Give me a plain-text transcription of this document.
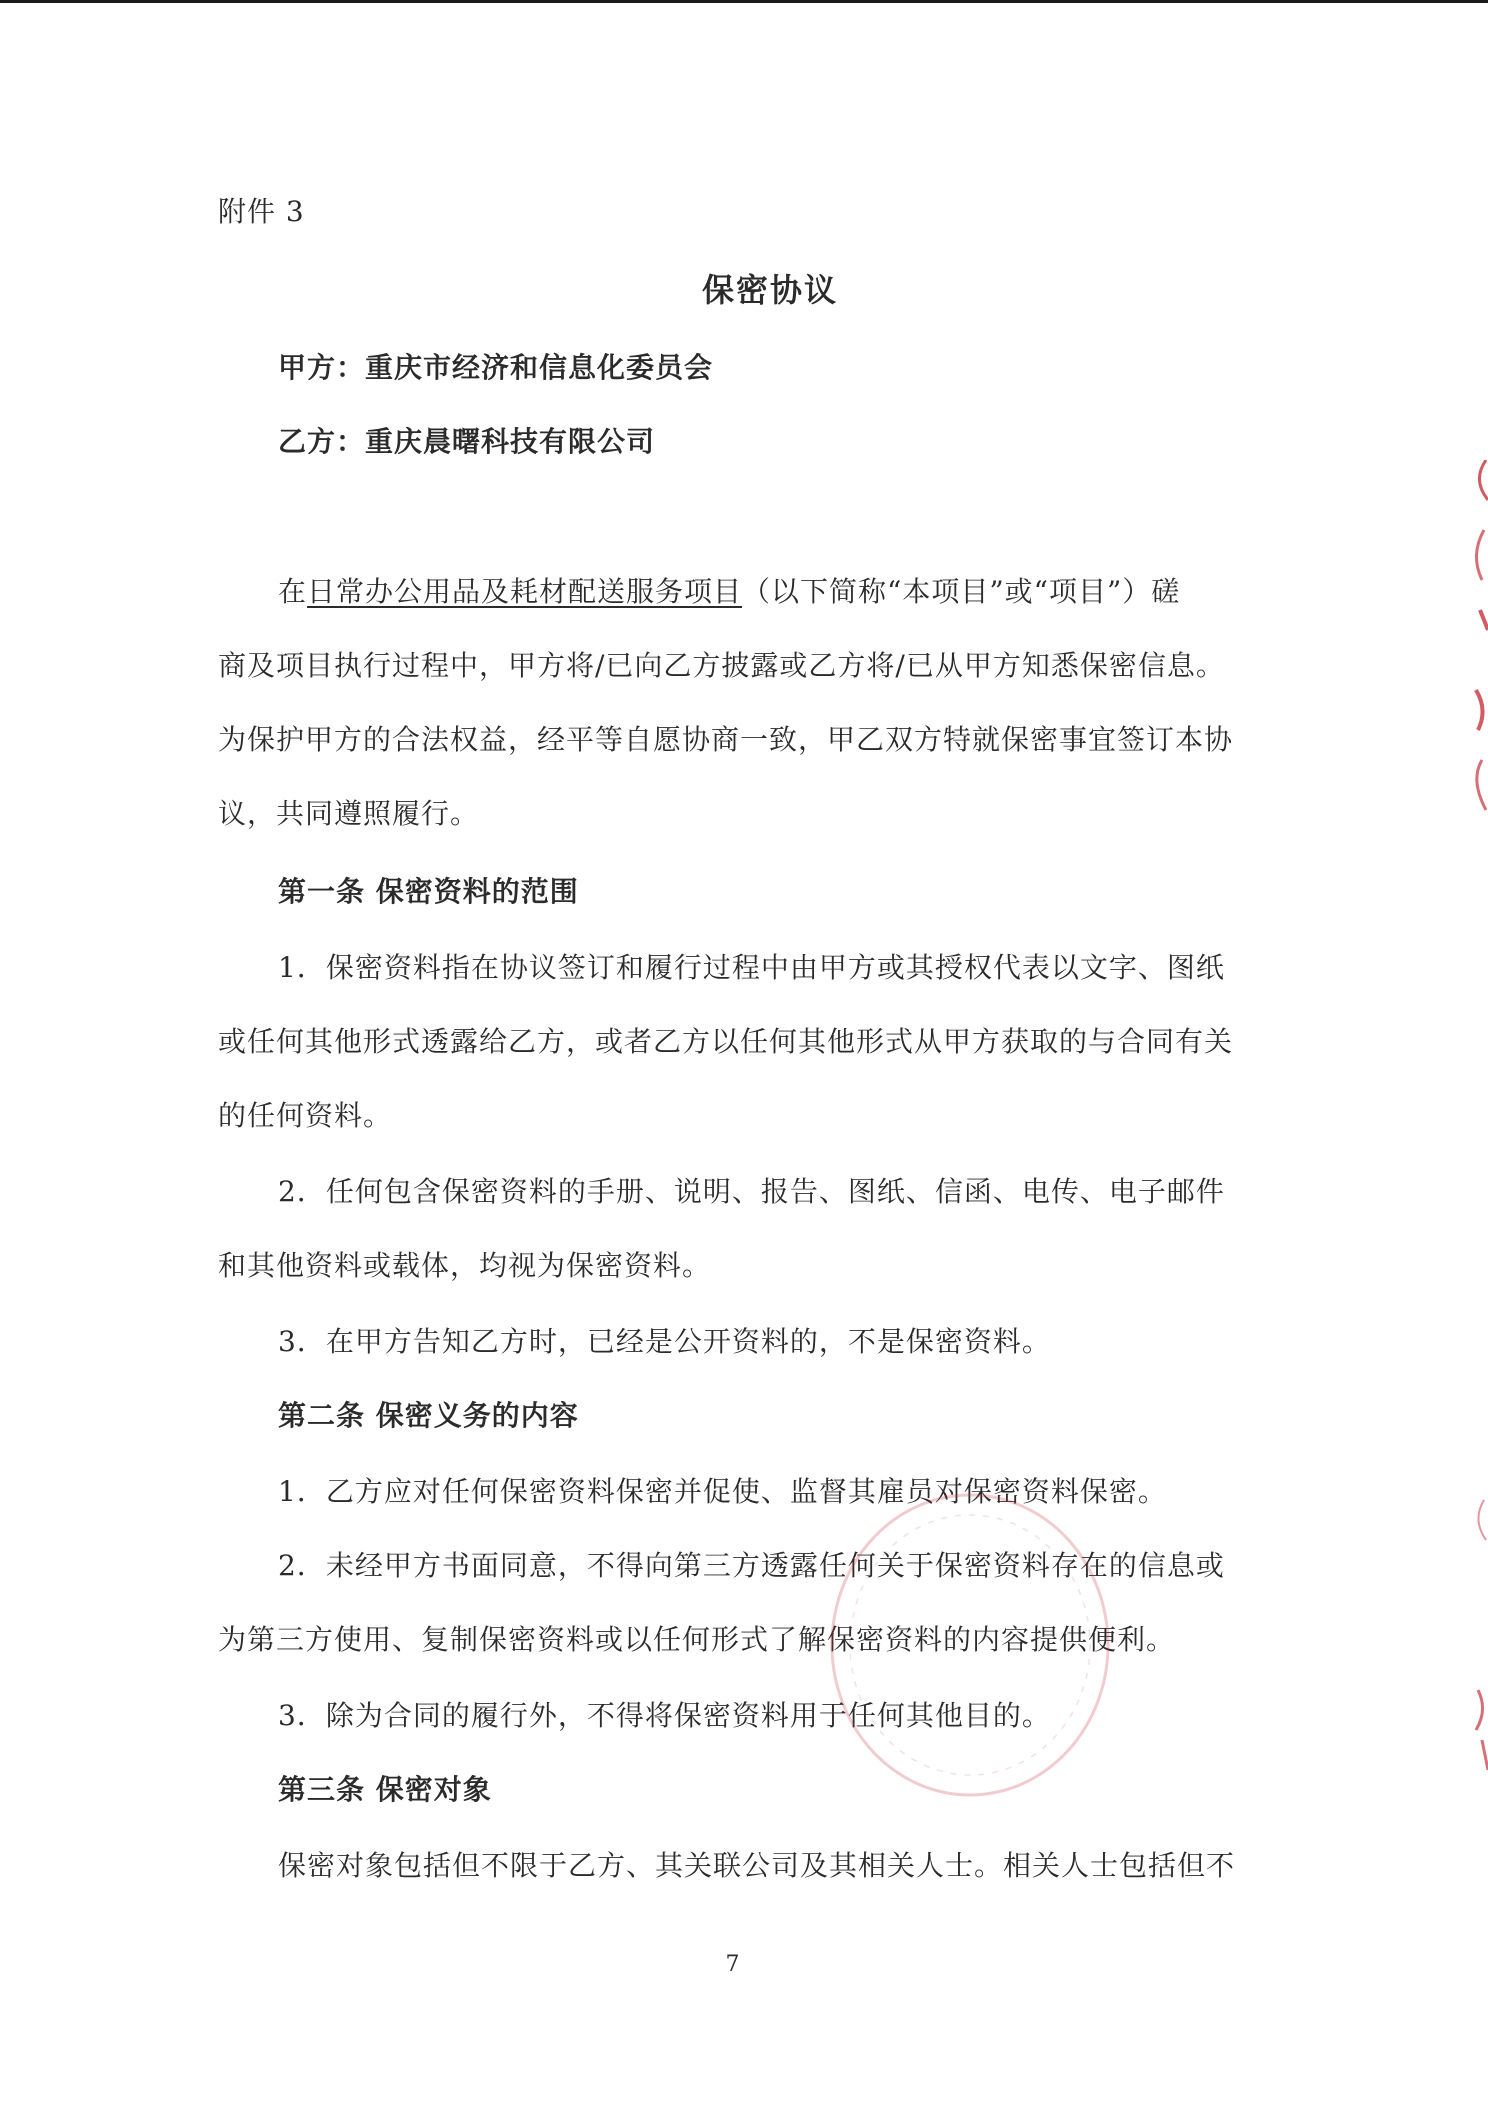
附件 3
保密协议
甲方：重庆市经济和信息化委员会
乙方：重庆晨曙科技有限公司
在日常办公用品及耗材配送服务项目（以下简称“本项目”或“项目”）磋
商及项目执行过程中，甲方将/已向乙方披露或乙方将/已从甲方知悉保密信息。
为保护甲方的合法权益，经平等自愿协商一致，甲乙双方特就保密事宜签订本协
议，共同遵照履行。
第一条 保密资料的范围
1．保密资料指在协议签订和履行过程中由甲方或其授权代表以文字、图纸
或任何其他形式透露给乙方，或者乙方以任何其他形式从甲方获取的与合同有关
的任何资料。
2．任何包含保密资料的手册、说明、报告、图纸、信函、电传、电子邮件
和其他资料或载体，均视为保密资料。
3．在甲方告知乙方时，已经是公开资料的，不是保密资料。
第二条 保密义务的内容
1．乙方应对任何保密资料保密并促使、监督其雇员对保密资料保密。
2．未经甲方书面同意，不得向第三方透露任何关于保密资料存在的信息或
为第三方使用、复制保密资料或以任何形式了解保密资料的内容提供便利。
3．除为合同的履行外，不得将保密资料用于任何其他目的。
第三条 保密对象
保密对象包括但不限于乙方、其关联公司及其相关人士。相关人士包括但不
7
